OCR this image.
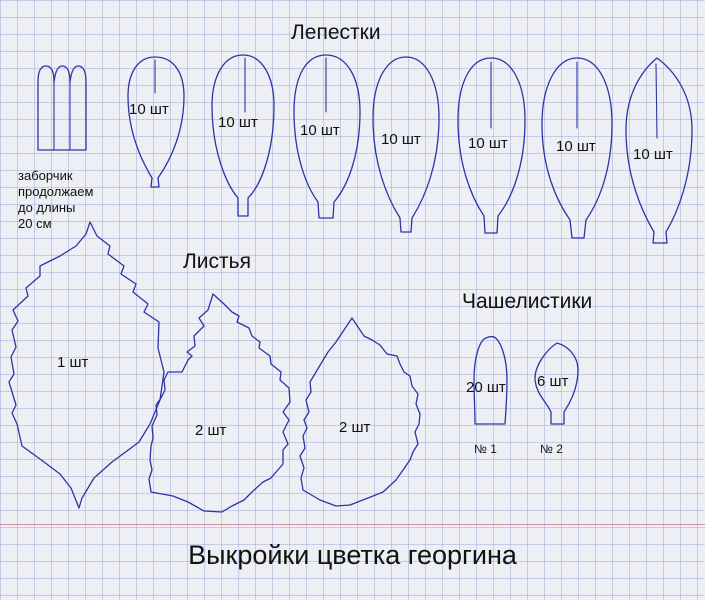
Лепестки
Листья
Чашелистики
заборчик
продолжаем
до длины
20 см
10 шт
10 шт	10 шт
10 шт	10 шт	10 шт 10 шт
1 шт
2 шт	2 шт
20 шт 6 шт
№ 1	№ 2
Выкройки цветка георгина
